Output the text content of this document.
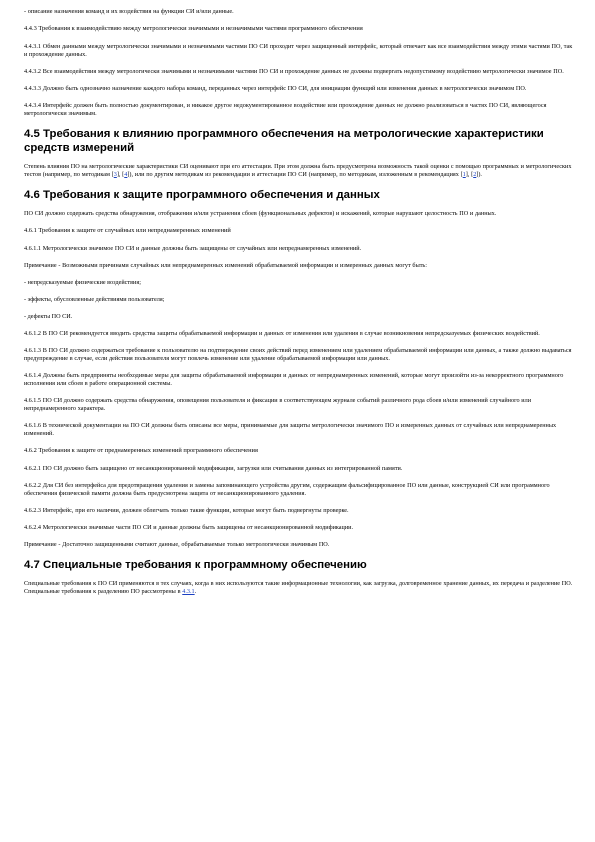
- описание назначения команд и их воздействия на функции СИ и/или данные.

4.4.3 Требования к взаимодействию между метрологически значимыми и незначимыми частями программного обеспечения

4.4.3.1 Обмен данными между метрологически значимыми и незначимыми частями ПО СИ проходит через защищенный интерфейс, который отвечает как все взаимодействия между этими частями ПО, так и прохождение данных.

4.4.3.2 Все взаимодействия между метрологически значимыми и незначимыми частями ПО СИ и прохождение данных не должны подвергать недопустимому воздействию метрологически значимое ПО.

4.4.3.3 Должно быть однозначно назначение каждого набора команд, переданных через интерфейс ПО СИ, для инициации функций или изменения данных в метрологически значимом ПО.

4.4.3.4 Интерфейс должен быть полностью документирован, и никакое другое недокументированное воздействие или прохождение данных не должно реализоваться в частях ПО СИ, являющегося метрологически значимым.

4.5 Требования к влиянию программного обеспечения на метрологические характеристики средств измерений

Степень влияния ПО на метрологические характеристики СИ оценивают при его аттестации. При этом должна быть предусмотрена возможность такой оценки с помощью программных и метрологических тестов (например, по методикам [3], [4]), или по другим методикам из рекомендации и аттестации ПО СИ (например, по методикам, изложенным в рекомендациях [1], [2]).

4.6 Требования к защите программного обеспечения и данных

ПО СИ должно содержать средства обнаружения, отображения и/или устранения сбоев (функциональных дефектов) и искажений, которые нарушают целостность ПО и данных.

4.6.1 Требования к защите от случайных или непреднамеренных изменений

4.6.1.1 Метрологически значимое ПО СИ и данные должны быть защищены от случайных или непреднамеренных изменений.

Примечание - Возможными причинами случайных или непреднамеренных изменений обрабатываемой информации и измеренных данных могут быть:

- непредсказуемые физические воздействия;

- эффекты, обусловленные действиями пользователя;

- дефекты ПО СИ.

4.6.1.2 В ПО СИ рекомендуется вводить средства защиты обрабатываемой информации и данных от изменения или удаления в случае возникновения непредсказуемых физических воздействий.

4.6.1.3 В ПО СИ должно содержаться требование к пользователю на подтверждение своих действий перед изменением или удалением обрабатываемой информации или данных, а также должно выдаваться предупреждение в случае, если действия пользователя могут повлечь изменение или удаление обрабатываемой информации или данных.

4.6.1.4 Должны быть предприняты необходимые меры для защиты обрабатываемой информации и данных от непреднамеренных изменений, которые могут произойти из-за некорректного программного исполнения или сбоев в работе операционной системы.

4.6.1.5 ПО СИ должно содержать средства обнаружения, оповещения пользователя и фиксации в соответствующем журнале событий различного рода сбоев и/или изменений случайного или непреднамеренного характера.

4.6.1.6 В технической документации на ПО СИ должны быть описаны все меры, принимаемые для защиты метрологически значимого ПО и измеренных данных от случайных или непреднамеренных изменений.

4.6.2 Требования к защите от преднамеренных изменений программного обеспечения

4.6.2.1 ПО СИ должно быть защищено от несанкционированной модификации, загрузки или считывания данных из интегрированной памяти.

4.6.2.2 Для СИ без интерфейса для предотвращения удаления и замены запоминающего устройства другим, содержащим фальсифицированное ПО или данные, конструкцией СИ или программного обеспечения физической памяти должна быть предусмотрена защита от несанкционированного удаления.

4.6.2.3 Интерфейс, при его наличии, должен облегчать только такие функции, которые могут быть подвергнуты проверке.

4.6.2.4 Метрологически значимые части ПО СИ и данные должны быть защищены от несанкционированной модификации.

Примечание - Достаточно защищенными считают данные, обрабатываемые только метрологически значимым ПО.

4.7 Специальные требования к программному обеспечению

Специальные требования к ПО СИ применяются в тех случаях, когда в них используются такие информационные технологии, как загрузка, долговременное хранение данных, их передача и разделение ПО. Специальные требования к разделению ПО рассмотрены в 4.3.1.
